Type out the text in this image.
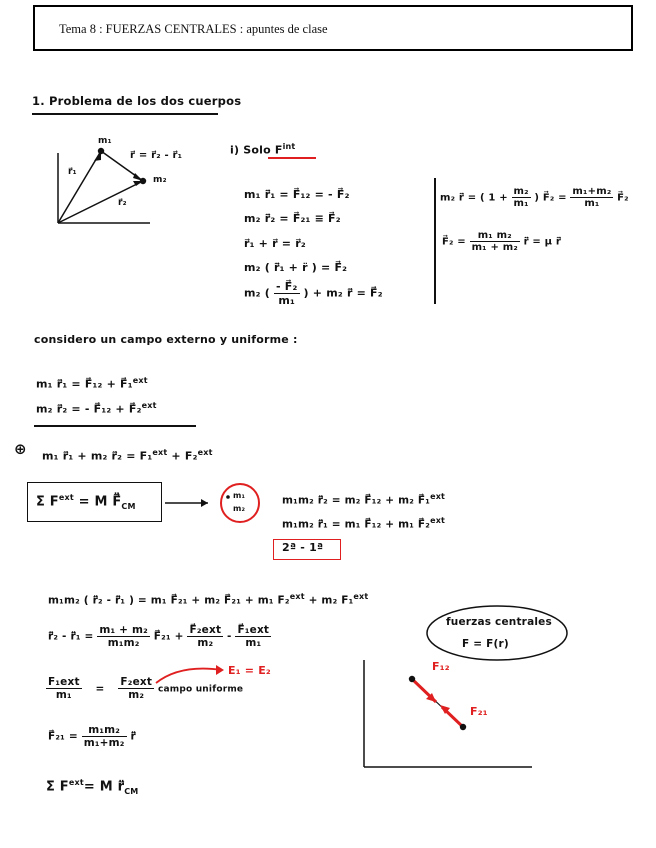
Tema 8 : FUERZAS CENTRALES : apuntes de clase
1. Problema de los dos cuerpos
m₁
m₂
r⃗₁
r⃗₂
r⃗ = r⃗₂ - r⃗₁	i) Solo $F^{int}$
m₁ r⃗̈₁ = F⃗₁₂ = - F⃗₂
m₂ r⃗̈₂ = F⃗₂₁ ≡ F⃗₂
r⃗₁ + r⃗ = r⃗₂
m₂ ( r⃗̈₁ + r̈ ) = F⃗₂
m₂ ( $\frac{\text{- F⃗₂}}{\text{m₁}}$ ) + m₂ r⃗̈ = F⃗₂
m₂ r⃗̈ = ( $1 + \frac{\text{m₂}}{\text{m₁}}$ ) F⃗₂ = $\frac{\text{m₁+m₂}}{\text{m₁}}$ F⃗₂
F⃗₂ = $\frac{\text{m₁ m₂}}{\text{m₁ + m₂}}$ r⃗̈ = μ r⃗̈
considero un campo externo y uniforme :
m₁ r⃗̈₁ = F⃗₁₂ + F⃗₁$^{ext}$
m₂ r⃗̈₂ = - F⃗₁₂ + F⃗₂$^{ext}$
⊕ m₁ r⃗̈₁ + m₂ r⃗̈₂ = F₁$^{ext}$ + F₂$^{ext}$
Σ $F^{ext} = M$ $F⃗̈_{CM}$
m₁
m₂
m₁m₂ r⃗̈₂ = m₂ F⃗₁₂ + m₂ F⃗₁$^{ext}$
m₁m₂ r⃗̈₁ = m₁ F⃗₁₂ + m₁ F⃗₂$^{ext}$
2ª - 1ª
m₁m₂ ( r⃗̈₂ - r⃗̈₁ ) = m₁ F⃗₂₁ + m₂ F⃗₂₁ + m₁ F₂$^{ext}$ + m₂ F₁$^{ext}$
r⃗̈₂ - r⃗̈₁ = $\frac{\text{m₁ + m₂}}{\text{m₁m₂}}$ F⃗₂₁ + $\frac{\text{F⃗₂ext}}{\text{m₂}} - \frac{\text{F⃗₁ext}}{\text{m₁}}$
$\frac{\text{F₁ext}}{\text{m₁}} = \frac{\text{F₂ext}}{\text{m₂}}$ campo uniforme
E₁ = E₂
F⃗₂₁ = $\frac{\text{m₁m₂}}{\text{m₁+m₂}}$ r⃗̈
Σ $F^{ext}= M$ $r⃗̈_{CM}$
fuerzas centrales
F = F(r)
F₁₂
F₂₁
